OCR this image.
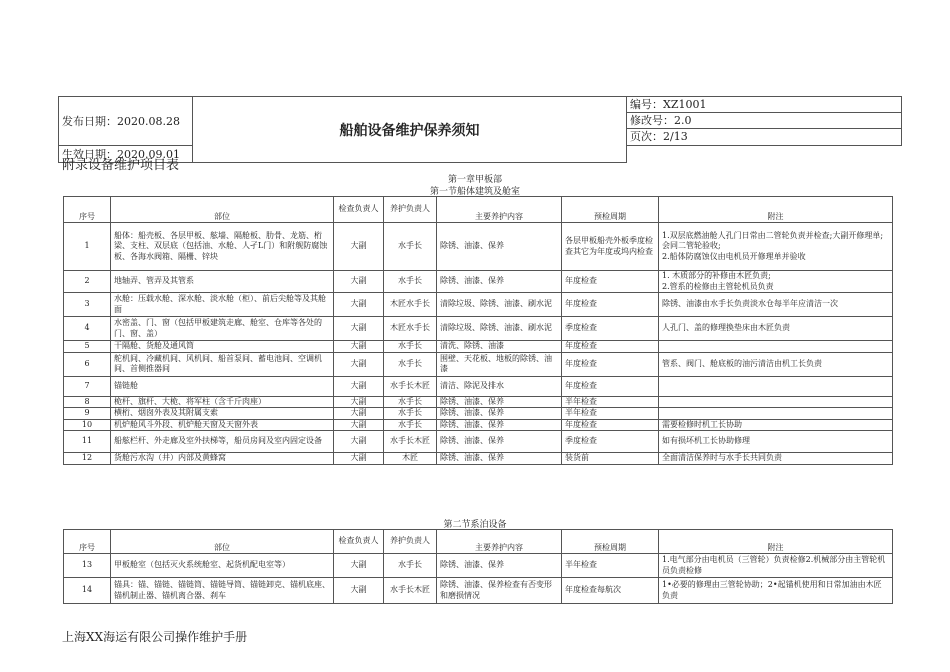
发布日期：2020.08.28	船舶设备维护保养须知	
编号：XZ1001
修改号：2.0
页次：2/13

生效日期：2020.09.01
附录设备维护项目表
第一章甲板部
第一节船体建筑及舱室
序号	部位	检查负责人	养护负责人	主要养护内容	预检周期	附注
1	船体：船壳板、各层甲板、舷墙、隔舱板、肋骨、龙筋、桁梁、支柱、双层底（包括油、水舱、人孑L门）和附舰防腐蚀板、各海水阀箱、隔栅、锌块	大副	水手长	除锈、油漆、保养	各层甲板船壳外板季度检查其它为年度或坞内检查	1.双层底燃油舱人孔门日常由二管轮负责并检查;大副开修理单;会同二管轮验收;
2.船体防腐蚀仪由电机员开修理单并验收
2	地轴弄、管弄及其管系	大副	水手长	除锈、油漆、保养	年度检查	1. 木质部分的补修由木匠负责;
2.管系的检修由主管轮机员负责
3	水舱：压载水舱、深水舱、淡水舱（柜）、前后尖舱等及其舱面	大副	木匠水手长	清除垃圾、除锈、油漆、刷水泥	年度检查	除锈、油漆由水手长负责淡水仓每半年应清洁一次
4	水密盖、门、窗（包括甲板建筑走廊、舱室、仓库等各处的门、窗、盖）	大副	木匠水手长	清除垃圾、除锈、油漆、刷水泥	季度检查	人孔门、盖的修理换垫床由木匠负责
5	干隔舱、货舱及通风筒	大副	水手长	清洗、除锈、油漆	年度检查	
6	舵机间、冷藏机间、风机间、船首泵间、蓄电池间、空调机间、首侧推器间	大副	水手长	围壁、天花板、地板的除锈、油漆	年度检查	管系、阀门、舱底板的油污清洁由机工长负责
7	锚链舱	大副	水手长木匠	清洁、除泥及排水	年度检查	
8	桅杆、旗杆、大桅、将军柱（含千斤肉座）	大副	水手长	除锈、油漆、保养	半年检查	
9	横桁、烟囱外表及其附属支索	大副	水手长	除锈、油漆、保养	半年检查	
10	机炉舱风斗外段、机炉舱天窗及天窗外表	大副	水手长	除锈、油漆、保养	年度检查	需要检修时机工长协助
11	船舷栏杆、外走廊及室外扶梯等，船员房间及室内固定设备	大副	水手长木匠	除锈、油漆、保养	季度检查	如有损坏机工长协助修理
12	货舱污水沟（井）内部及黄蜂窝	大副	木匠	除锈、油漆、保养	装货前	全面清洁保养时与水手长共同负责
第二节系泊设备
序号	部位	检查负责人	养护负责人	主要养护内容	预检周期	附注
13	甲板舱室（包括灭火系统舱室、起货机配电室等）	大副	水手长	除锈、油漆、保养	半年检查	1.电气部分由电机员（三管轮）负责检修2.机械部分由主管轮机员负责检修
14	锚具：锚、锚链、锚链筒、锚链导筒、锚链卸克、锚机底座、锚机制止器、锚机离合器、刹车	大副	水手长木匠	除锈、油漆、保养检查有否变形和磨损情况	年度检查每航次	1•必要的修理由三管轮协助；2•起锚机使用和日常加油由木匠负责
上海XX海运有限公司操作维护手册
